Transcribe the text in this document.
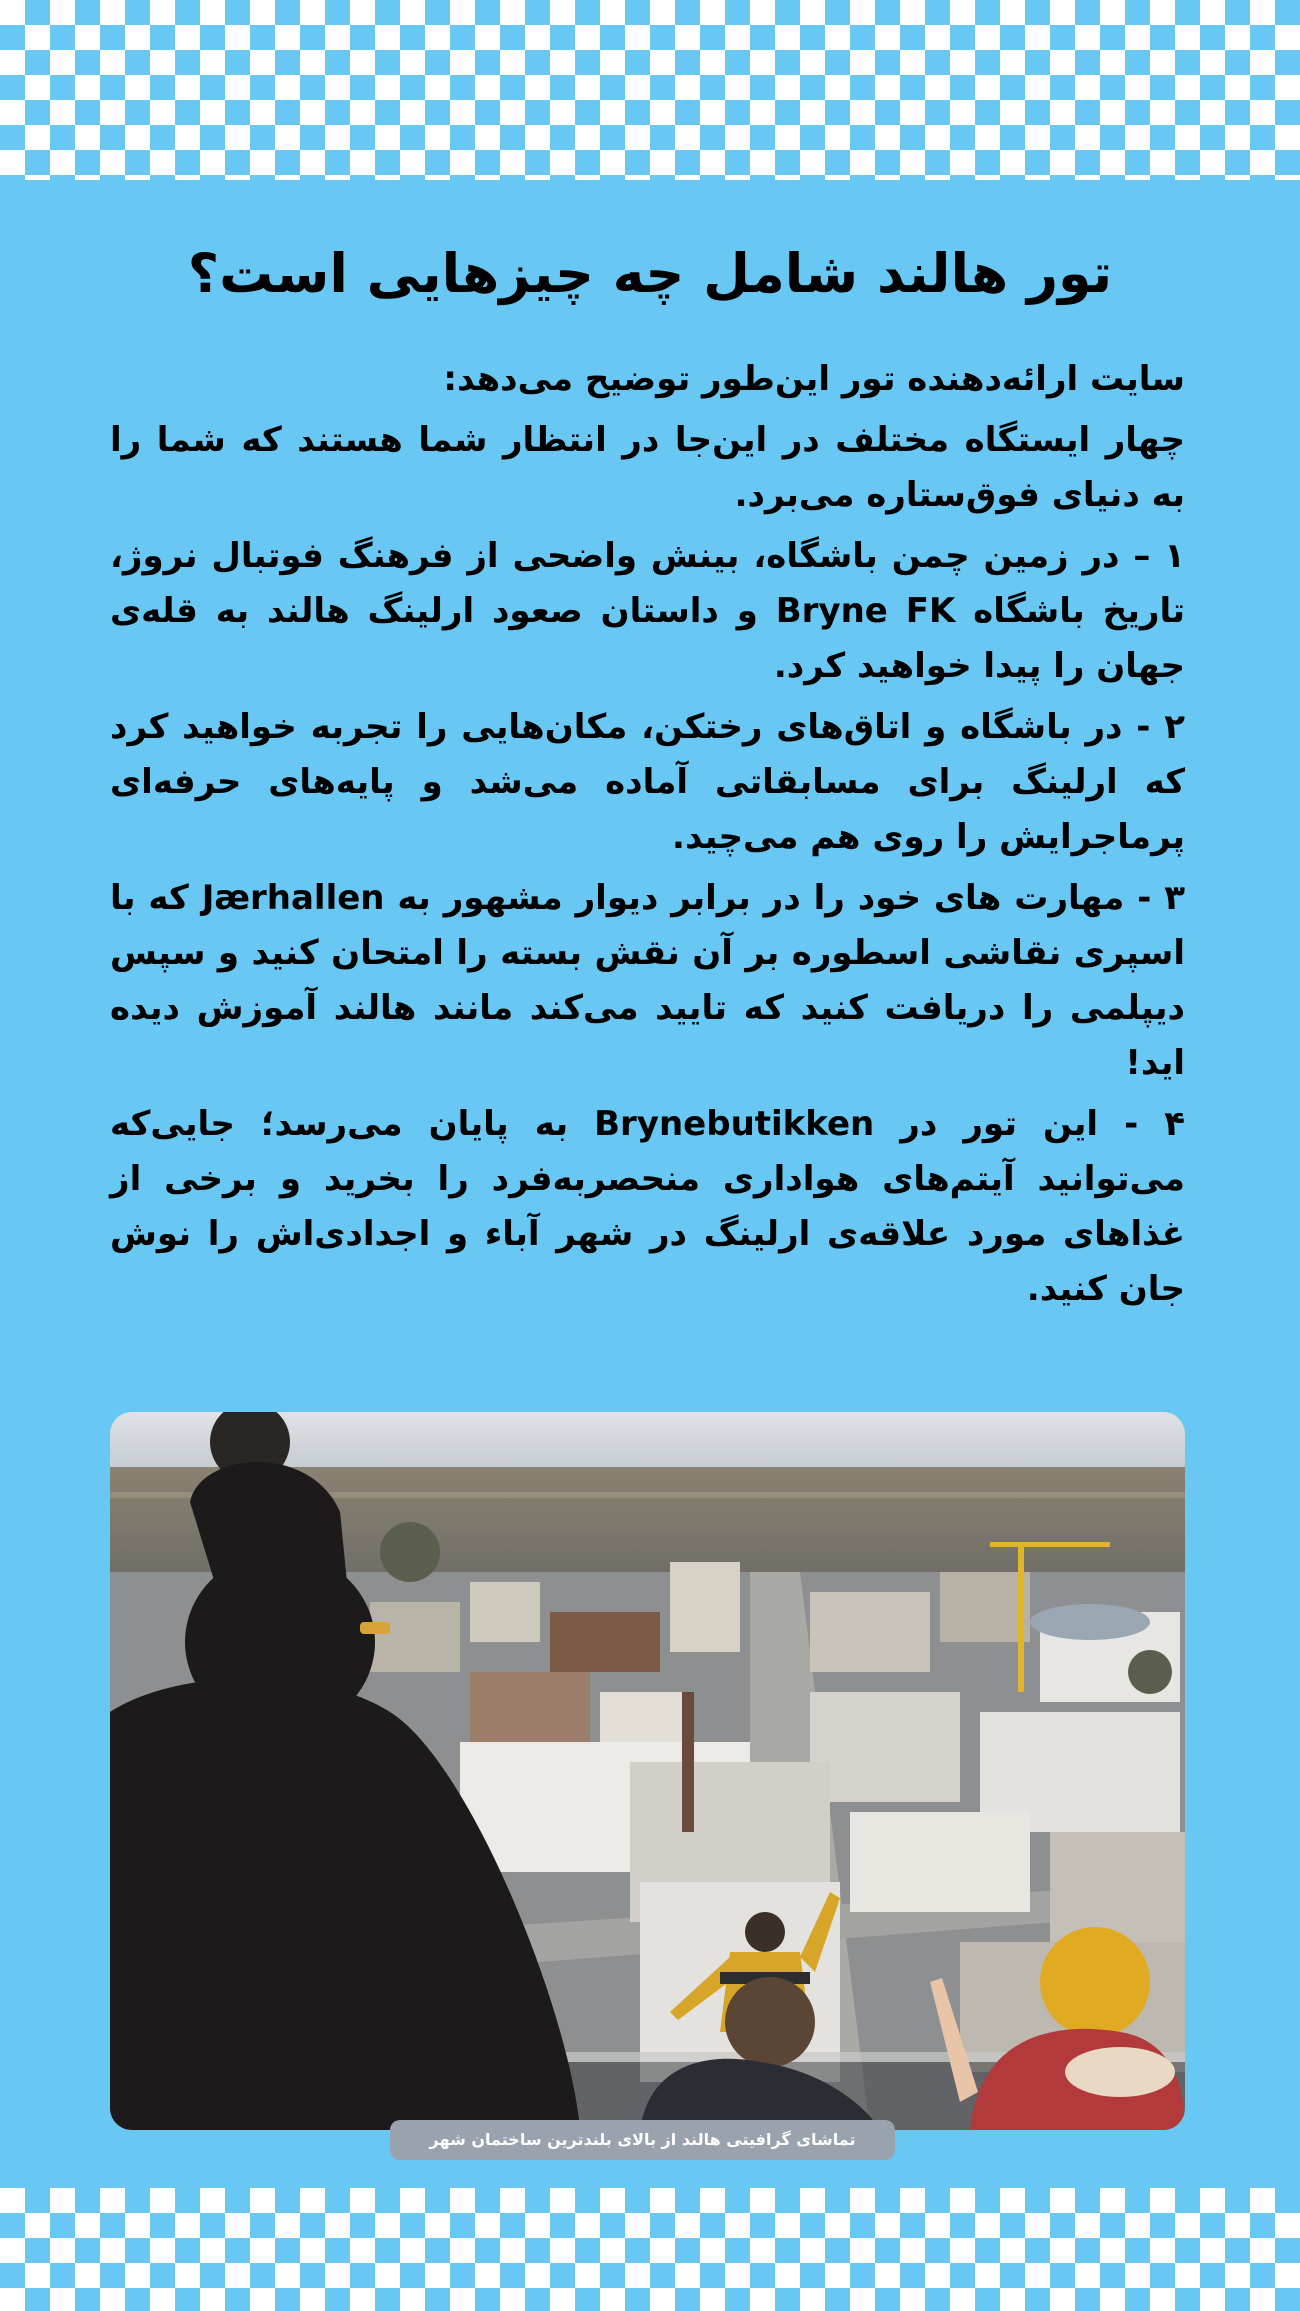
تور هالند شامل چه چیزهایی است؟

سایت ارائه‌دهنده تور این‌طور توضیح می‌دهد:

چهار ایستگاه مختلف در این‌جا در انتظار شما هستند که شما را به دنیای فوق‌ستاره می‌برد.

۱ – در زمین چمن باشگاه، بینش واضحی از فرهنگ فوتبال نروژ، تاریخ باشگاه Bryne FK و داستان صعود ارلینگ هالند به قله‌ی جهان را پیدا خواهید کرد.

۲ - در باشگاه و اتاق‌های رختکن، مکان‌هایی را تجربه خواهید کرد که ارلینگ برای مسابقاتی آماده می‌شد و پایه‌های حرفه‌ای پرماجرایش را روی هم می‌چید.

۳ - مهارت های خود را در برابر دیوار مشهور به Jærhallen که با اسپری نقاشی اسطوره بر آن نقش بسته را امتحان کنید و سپس دیپلمی را دریافت کنید که تایید می‌کند مانند هالند آموزش دیده اید!

۴ - این تور در Brynebutikken به پایان می‌رسد؛ جایی‌که می‌توانید آیتم‌های هواداری منحصربه‌فرد را بخرید و برخی از غذاهای مورد علاقه‌ی ارلینگ در شهر آباء و اجدادی‌اش را نوش جان کنید.

تماشای گرافیتی هالند از بالای بلندترین ساختمان شهر
